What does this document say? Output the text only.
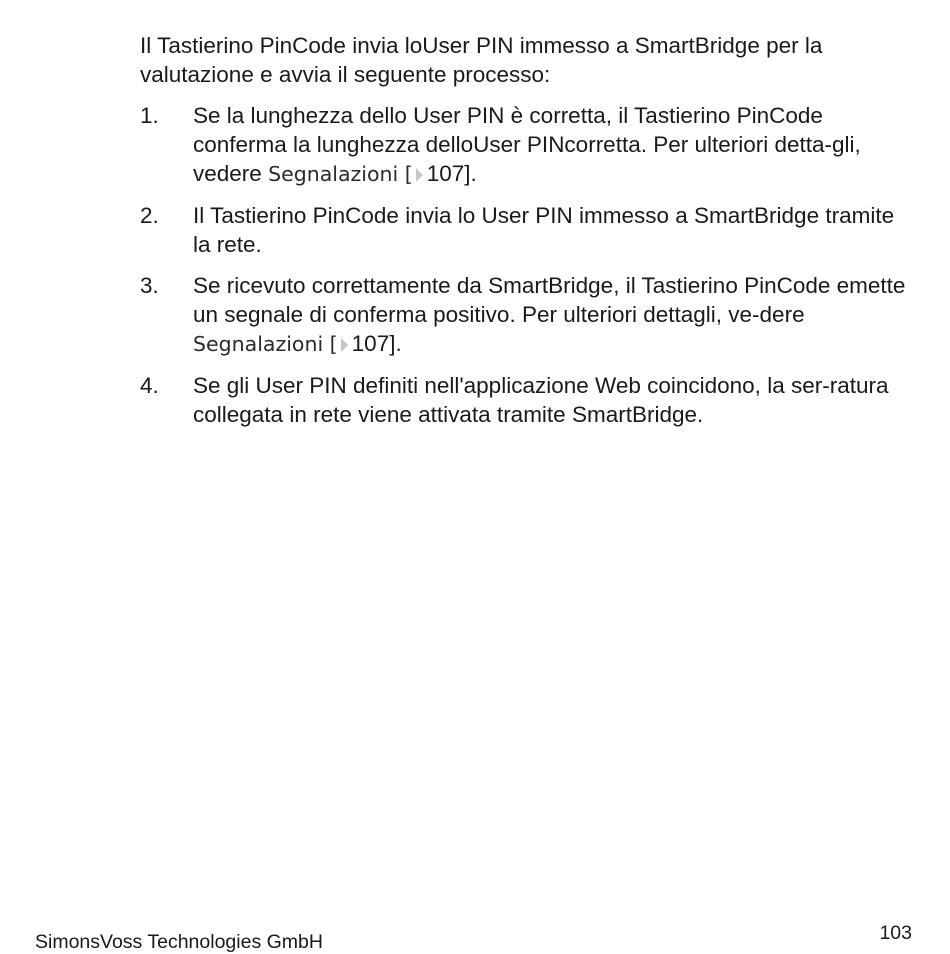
Il Tastierino PinCode invia loUser PIN immesso a SmartBridge per la valutazione e avvia il seguente processo:

1. Se la lunghezza dello User PIN è corretta, il Tastierino PinCode conferma la lunghezza delloUser PINcorretta. Per ulteriori detta-gli, vedere Segnalazioni [ 107].
2. Il Tastierino PinCode invia lo User PIN immesso a SmartBridge tramite la rete.
3. Se ricevuto correttamente da SmartBridge, il Tastierino PinCode emette un segnale di conferma positivo. Per ulteriori dettagli, ve-dere Segnalazioni [ 107].
4. Se gli User PIN definiti nell'applicazione Web coincidono, la ser-ratura collegata in rete viene attivata tramite SmartBridge.
SimonsVoss Technologies GmbH	103
